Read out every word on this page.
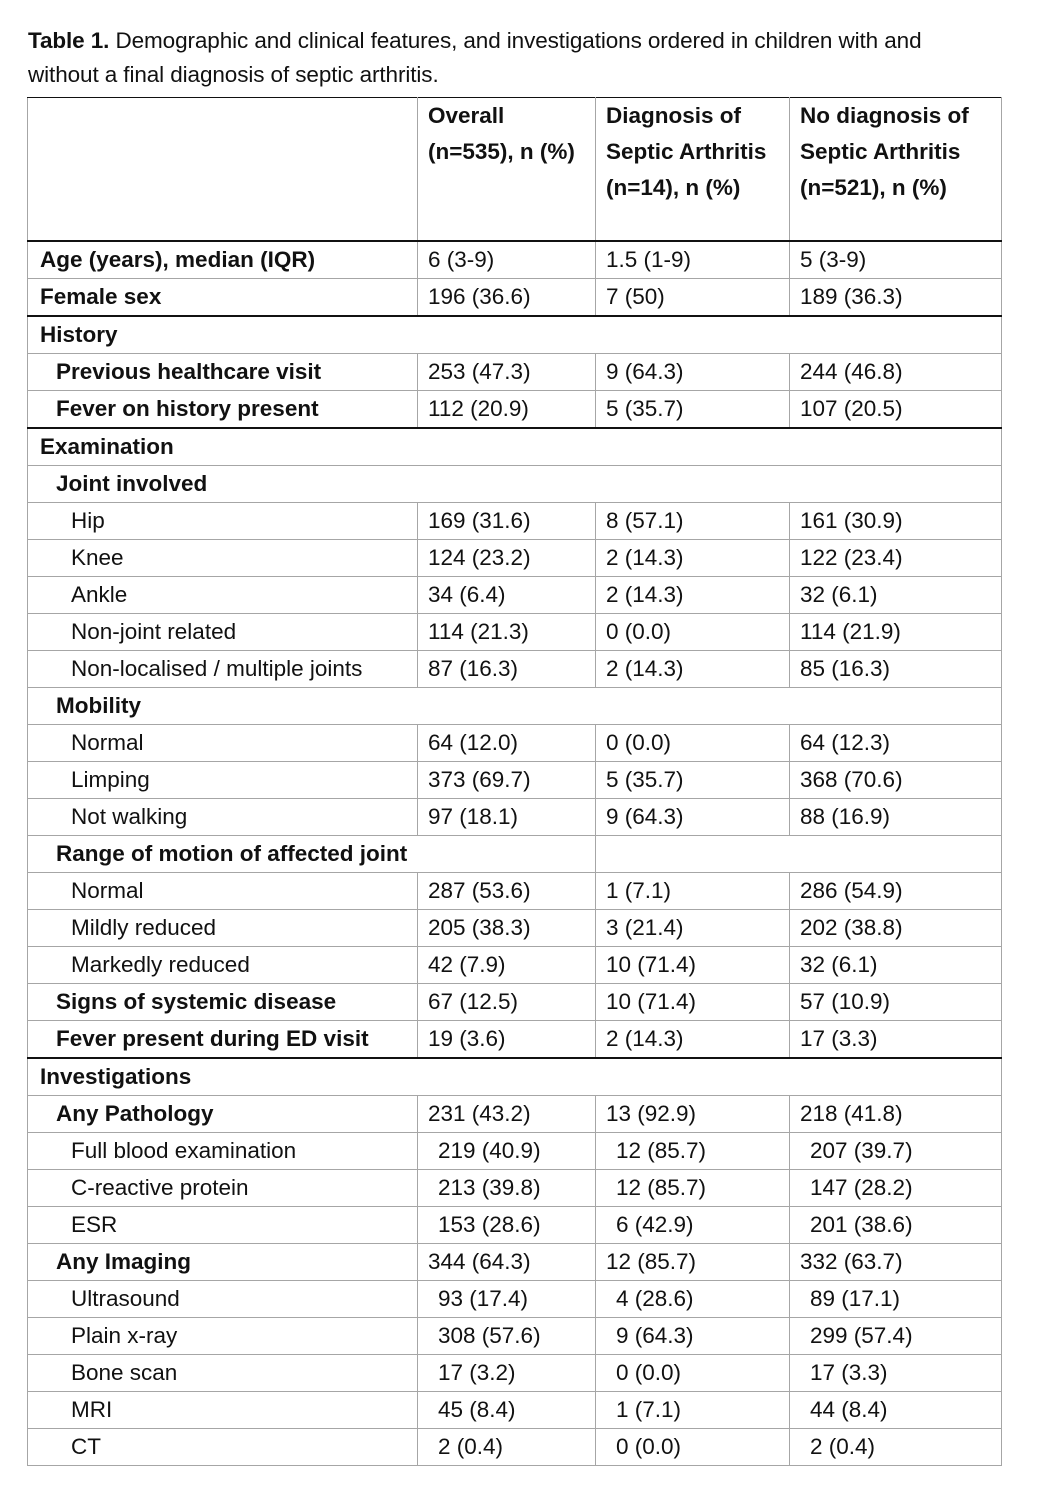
Table 1. Demographic and clinical features, and investigations ordered in children with and without a final diagnosis of septic arthritis.
	Overall (n=535), n (%)	Diagnosis of Septic Arthritis (n=14), n (%)	No diagnosis of Septic Arthritis (n=521), n (%)
Age (years), median (IQR)	6 (3-9)	1.5 (1-9)	5 (3-9)
Female sex	196 (36.6)	7 (50)	189 (36.3)
History			
Previous healthcare visit	253 (47.3)	9 (64.3)	244 (46.8)
Fever on history present	112 (20.9)	5 (35.7)	107 (20.5)
Examination			
Joint involved			
Hip	169 (31.6)	8 (57.1)	161 (30.9)
Knee	124 (23.2)	2 (14.3)	122 (23.4)
Ankle	34 (6.4)	2 (14.3)	32 (6.1)
Non-joint related	114 (21.3)	0 (0.0)	114 (21.9)
Non-localised / multiple joints	87 (16.3)	2 (14.3)	85 (16.3)
Mobility			
Normal	64 (12.0)	0 (0.0)	64 (12.3)
Limping	373 (69.7)	5 (35.7)	368 (70.6)
Not walking	97 (18.1)	9 (64.3)	88 (16.9)
Range of motion of affected joint			
Normal	287 (53.6)	1 (7.1)	286 (54.9)
Mildly reduced	205 (38.3)	3 (21.4)	202 (38.8)
Markedly reduced	42 (7.9)	10 (71.4)	32 (6.1)
Signs of systemic disease	67 (12.5)	10 (71.4)	57 (10.9)
Fever present during ED visit	19 (3.6)	2 (14.3)	17 (3.3)
Investigations			
Any Pathology	231 (43.2)	13 (92.9)	218 (41.8)
Full blood examination	219 (40.9)	12 (85.7)	207 (39.7)
C-reactive protein	213 (39.8)	12 (85.7)	147 (28.2)
ESR	153 (28.6)	6 (42.9)	201 (38.6)
Any Imaging	344 (64.3)	12 (85.7)	332 (63.7)
Ultrasound	93 (17.4)	4 (28.6)	89 (17.1)
Plain x-ray	308 (57.6)	9 (64.3)	299 (57.4)
Bone scan	17 (3.2)	0 (0.0)	17 (3.3)
MRI	45 (8.4)	1 (7.1)	44 (8.4)
CT	2 (0.4)	0 (0.0)	2 (0.4)
